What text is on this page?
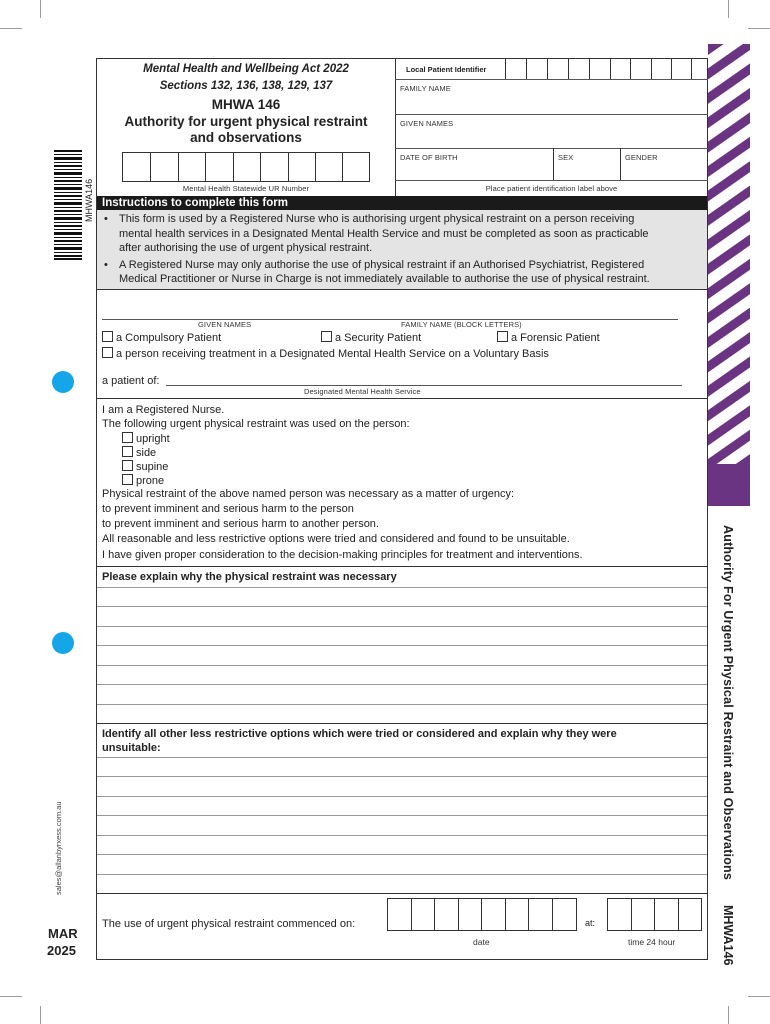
MHWA146
sales@allanbyrxess.com.au
MAR
2025
Authority For Urgent Physical Restraint and Observations
MHWA146
Mental Health and Wellbeing Act 2022
Sections 132, 136, 138, 129, 137
MHWA 146
Authority for urgent physical restraint
and observations
Mental Health Statewide UR Number
Local Patient Identifier
FAMILY NAME
GIVEN NAMES
DATE OF BIRTH	SEX	GENDER
Place patient identification label above
Instructions to complete this form
• This form is used by a Registered Nurse who is authorising urgent physical restraint on a person receiving
mental health services in a Designated Mental Health Service and must be completed as soon as practicable
after authorising the use of urgent physical restraint.
• A Registered Nurse may only authorise the use of physical restraint if an Authorised Psychiatrist, Registered
Medical Practitioner or Nurse in Charge is not immediately available to authorise the use of physical restraint.
GIVEN NAMES	FAMILY NAME (BLOCK LETTERS)
a Compulsory Patient	a Security Patient	a Forensic Patient
a person receiving treatment in a Designated Mental Health Service on a Voluntary Basis
a patient of:
Designated Mental Health Service
I am a Registered Nurse.
The following urgent physical restraint was used on the person:
upright
side
supine
prone
Physical restraint of the above named person was necessary as a matter of urgency:
to prevent imminent and serious harm to the person
to prevent imminent and serious harm to another person.
All reasonable and less restrictive options were tried and considered and found to be unsuitable.
I have given proper consideration to the decision-making principles for treatment and interventions.
Please explain why the physical restraint was necessary
Identify all other less restrictive options which were tried or considered and explain why they were
unsuitable:
The use of urgent physical restraint commenced on:
date
at:
time 24 hour
